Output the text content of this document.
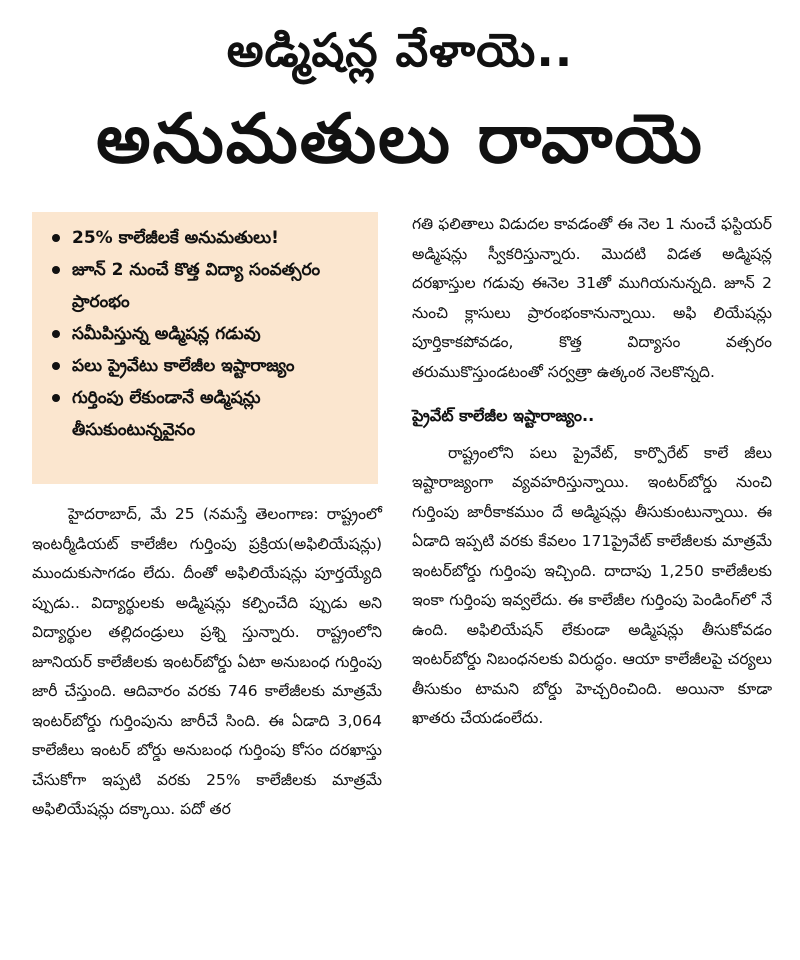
అడ్మిషన్ల వేళాయె..
అనుమతులు రావాయె
25% కాలేజీలకే అనుమతులు!
జూన్ 2 నుంచే కొత్త విద్యా సంవత్సరం ప్రారంభం
సమీపిస్తున్న అడ్మిషన్ల గడువు
పలు ప్రైవేటు కాలేజీల ఇష్టారాజ్యం
గుర్తింపు లేకుండానే అడ్మిషన్లు తీసుకుంటున్నవైనం

హైదరాబాద్, మే 25 (నమస్తే తెలంగాణ: రాష్ట్రంలో ఇంటర్మీడియట్ కాలేజీల గుర్తింపు ప్రక్రియ(అఫిలియేషన్లు) ముందుకుసాగడం లేదు. దీంతో అఫిలియేషన్లు పూర్తయ్యేది ప్పుడు.. విద్యార్థులకు అడ్మిషన్లు కల్పించేది ప్పుడు అని విద్యార్థుల తల్లిదండ్రులు ప్రశ్ని స్తున్నారు. రాష్ట్రంలోని జూనియర్ కాలేజీలకు ఇంటర్‌బోర్డు ఏటా అనుబంధ గుర్తింపు జారీ చేస్తుంది. ఆదివారం వరకు 746 కాలేజీలకు మాత్రమే ఇంటర్‌బోర్డు గుర్తింపును జారీచే సింది. ఈ ఏడాది 3,064 కాలేజీలు ఇంటర్ బోర్డు అనుబంధ గుర్తింపు కోసం దరఖాస్తు చేసుకోగా ఇప్పటి వరకు 25% కాలేజీలకు మాత్రమే అఫిలియేషన్లు దక్కాయి. పదో తర

గతి ఫలితాలు విడుదల కావడంతో ఈ నెల 1 నుంచే ఫస్టియర్ అడ్మిషన్లు స్వీకరిస్తున్నారు. మొదటి విడత అడ్మిషన్ల దరఖాస్తుల గడువు ఈనెల 31తో ముగియనున్నది. జూన్ 2 నుంచి క్లాసులు ప్రారంభంకానున్నాయి. అఫి లియేషన్లు పూర్తికాకపోవడం, కొత్త విద్యాసం వత్సరం తరుముకొస్తుండటంతో సర్వత్రా ఉత్కంఠ నెలకొన్నది.

ప్రైవేట్ కాలేజీల ఇష్టారాజ్యం..

రాష్ట్రంలోని పలు ప్రైవేట్, కార్పొరేట్ కాలే జీలు ఇష్టారాజ్యంగా వ్యవహరిస్తున్నాయి. ఇంటర్‌బోర్డు నుంచి గుర్తింపు జారీకాకముం దే అడ్మిషన్లు తీసుకుంటున్నాయి. ఈ ఏడాది ఇప్పటి వరకు కేవలం 171ప్రైవేట్ కాలేజీలకు మాత్రమే ఇంటర్‌బోర్డు గుర్తింపు ఇచ్చింది. దాదాపు 1,250 కాలేజీలకు ఇంకా గుర్తింపు ఇవ్వలేదు. ఈ కాలేజీల గుర్తింపు పెండింగ్‌లో నే ఉంది. అఫిలియేషన్ లేకుండా అడ్మిషన్లు తీసుకోవడం ఇంటర్‌బోర్డు నిబంధనలకు విరుద్ధం. ఆయా కాలేజీలపై చర్యలు తీసుకుం టామని బోర్డు హెచ్చరించింది. అయినా కూడా ఖాతరు చేయడంలేదు.
